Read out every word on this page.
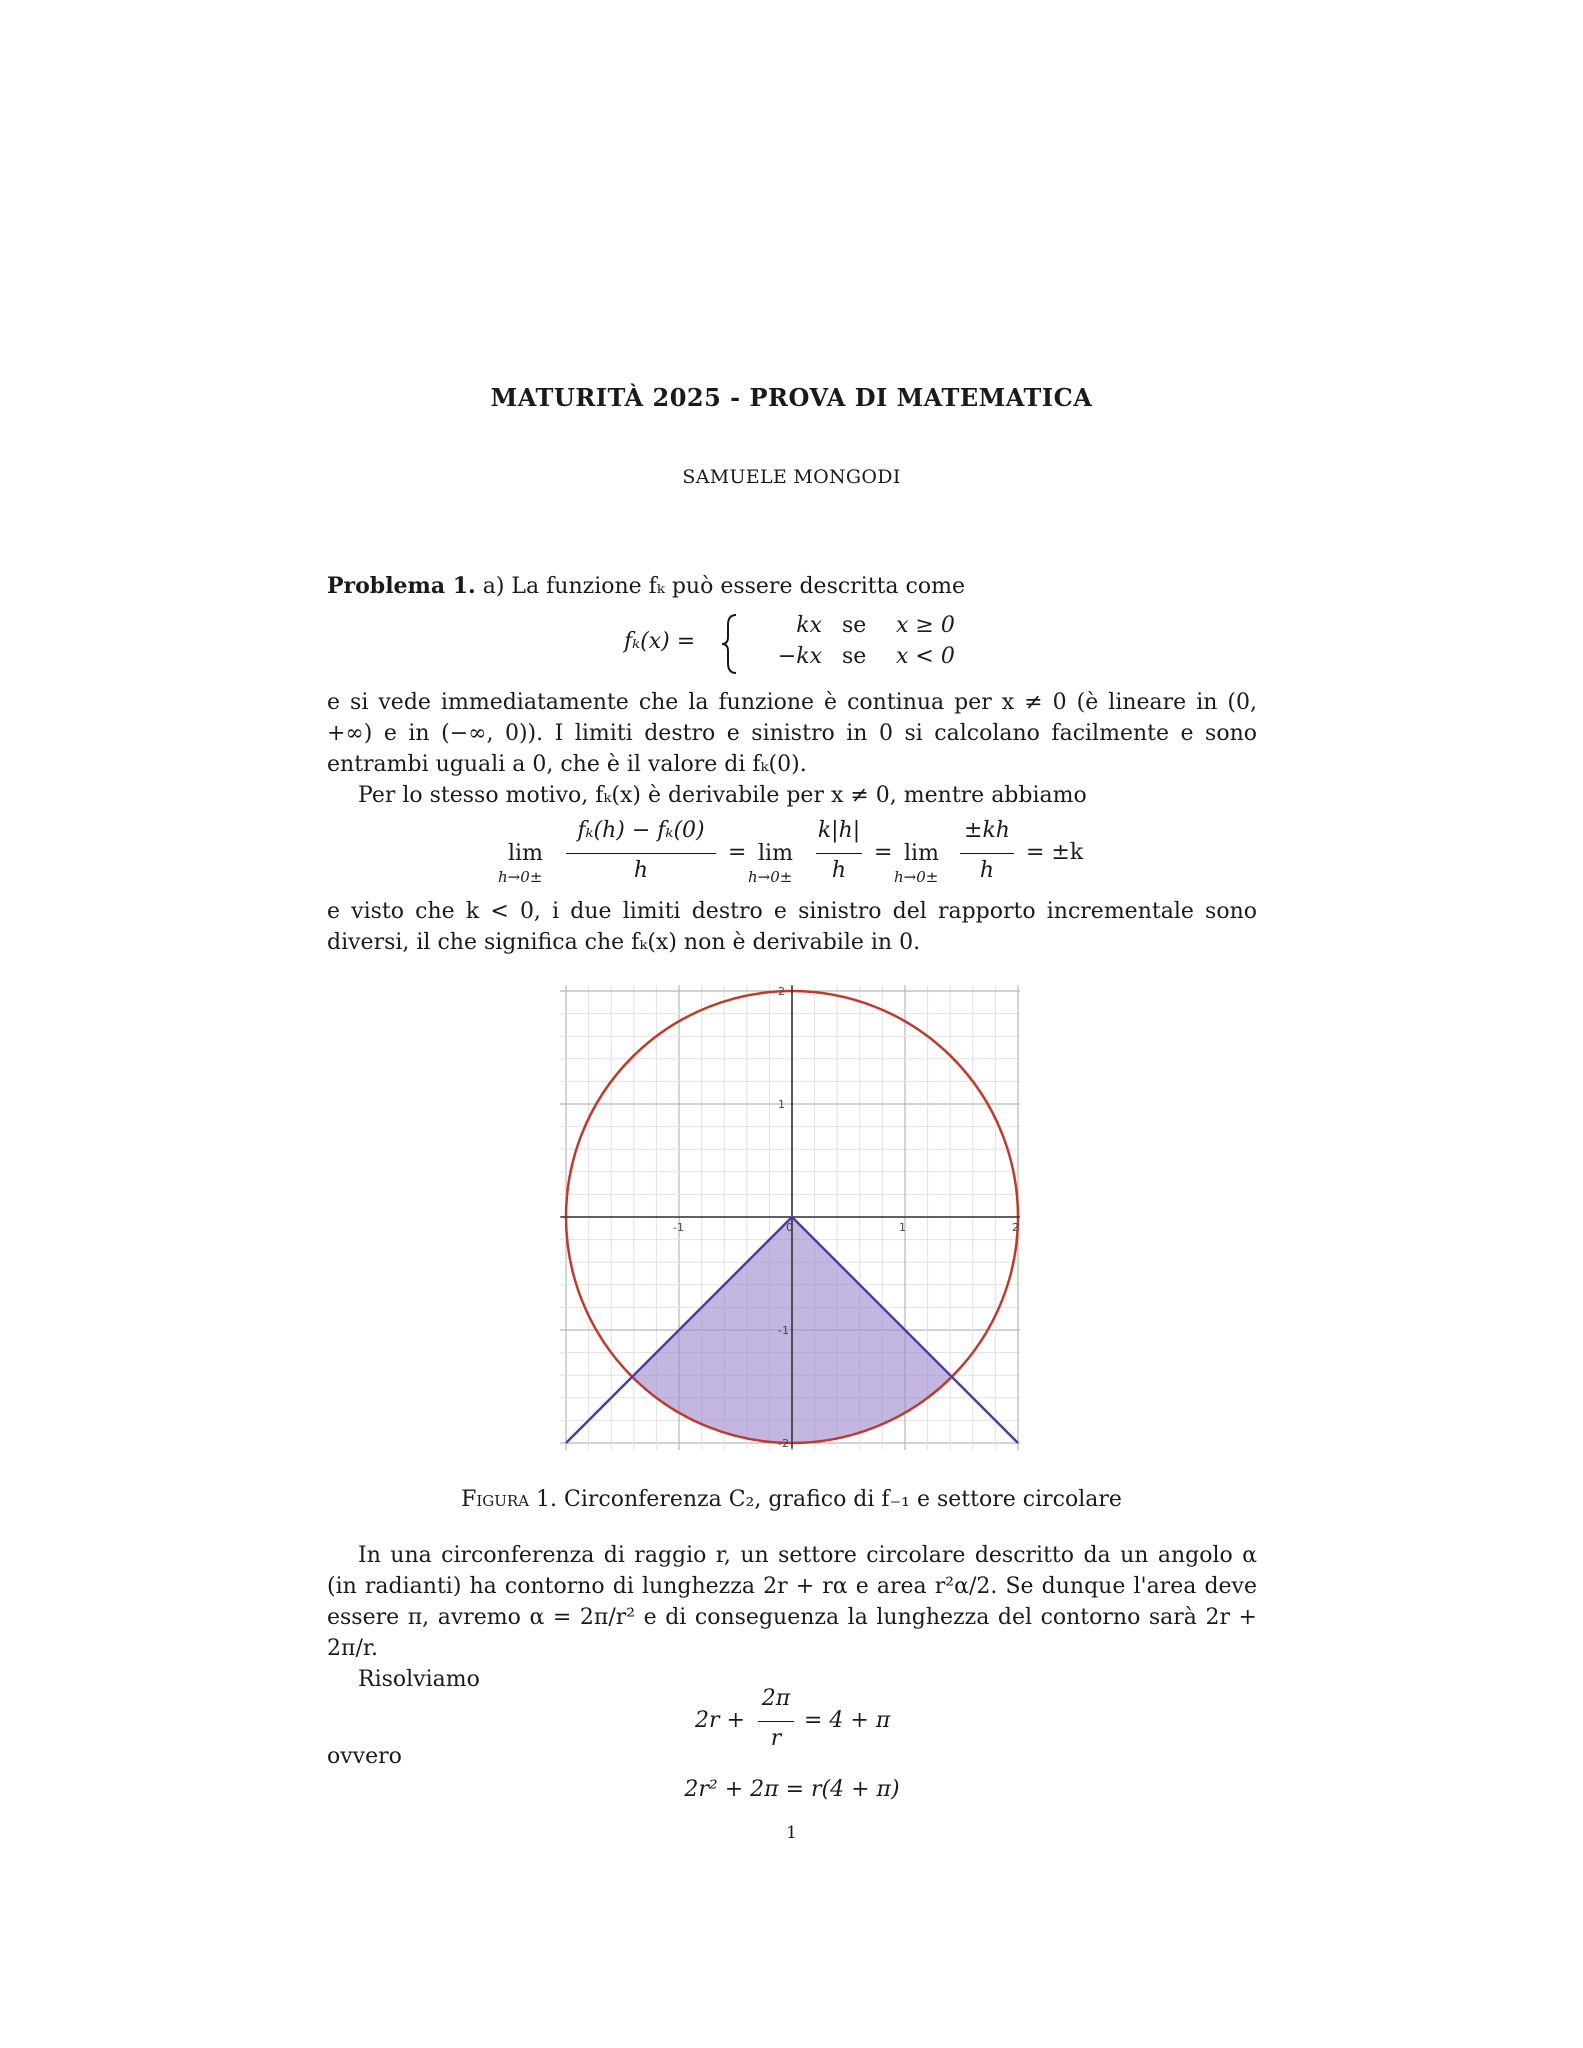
MATURITÀ 2025 - PROVA DI MATEMATICA
SAMUELE MONGODI
Problema 1. a) La funzione fₖ può essere descritta come
fₖ(x) =
kx se x ≥ 0
−kx se x < 0
e si vede immediatamente che la funzione è continua per x ≠ 0 (è lineare in (0, +∞) e in (−∞, 0)). I limiti destro e sinistro in 0 si calcolano facilmente e sono entrambi uguali a 0, che è il valore di fₖ(0).
Per lo stesso motivo, fₖ(x) è derivabile per x ≠ 0, mentre abbiamo
lim
h→0±
fₖ(h) − fₖ(0)
h
= lim
h→0±
k|h|
h
= lim
h→0±
±kh
h
= ±k
e visto che k < 0, i due limiti destro e sinistro del rapporto incrementale sono diversi, il che significa che fₖ(x) non è derivabile in 0.
-1	0	1	2
2
1
-1
-2
Figura 1. Circonferenza C₂, grafico di f₋₁ e settore circolare
In una circonferenza di raggio r, un settore circolare descritto da un angolo α (in radianti) ha contorno di lunghezza 2r + rα e area r²α/2. Se dunque l'area deve essere π, avremo α = 2π/r² e di conseguenza la lunghezza del contorno sarà 2r + 2π/r.
Risolviamo
2r +
2π
r
= 4 + π
ovvero
2r² + 2π = r(4 + π)
1
